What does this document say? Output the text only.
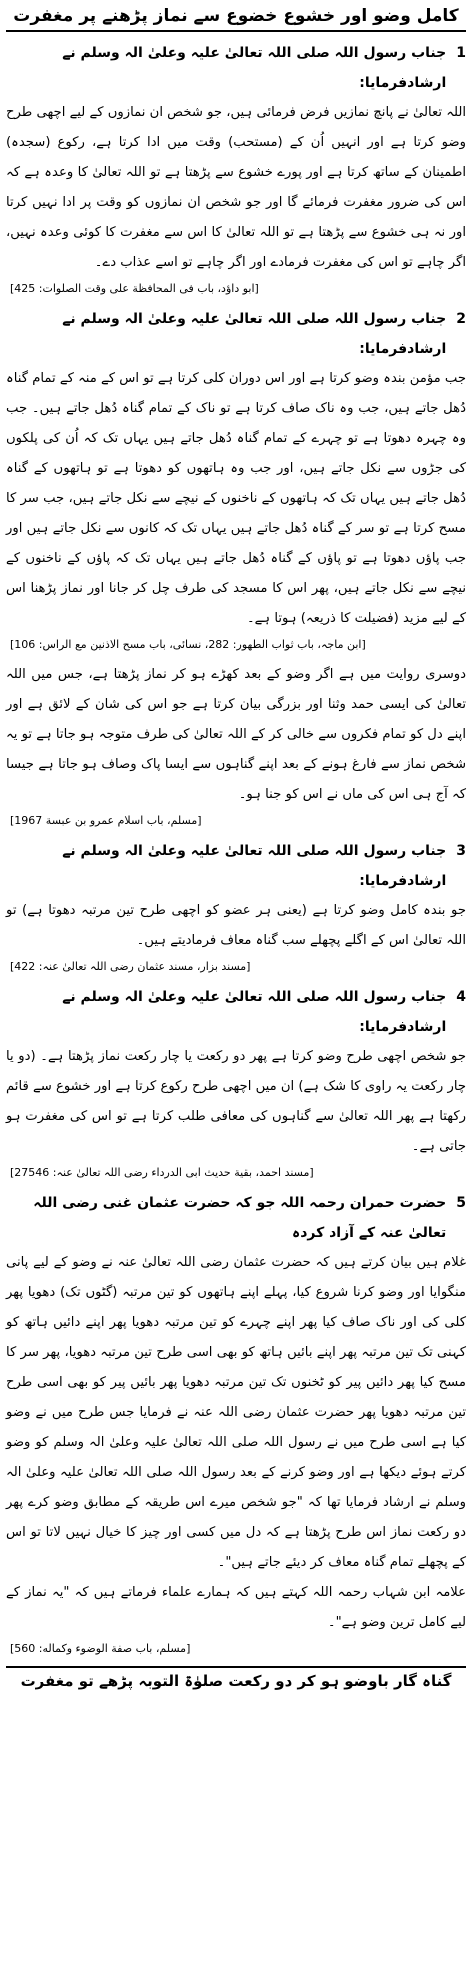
کامل وضو اور خشوع خضوع سے نماز پڑھنے پر مغفرت
1
جناب رسول اللہ صلی اللہ تعالیٰ علیہ وعلیٰ الہ وسلم نے ارشادفرمایا:

اللہ تعالیٰ نے پانچ نمازیں فرض فرمائی ہیں، جو شخص ان نمازوں کے لیے اچھی طرح وضو کرتا ہے اور انہیں اُن کے (مستحب) وقت میں ادا کرتا ہے، رکوع (سجدہ) اطمینان کے ساتھ کرتا ہے اور پورے خشوع سے پڑھتا ہے تو اللہ تعالیٰ کا وعدہ ہے کہ اس کی ضرور مغفرت فرمائے گا اور جو شخص ان نمازوں کو وقت پر ادا نہیں کرتا اور نہ ہی خشوع سے پڑھتا ہے تو اللہ تعالیٰ کا اس سے مغفرت کا کوئی وعدہ نہیں، اگر چاہے تو اس کی مغفرت فرمادے اور اگر چاہے تو اسے عذاب دے۔

[ابو داؤد، باب فی المحافظة علی وقت الصلوات: 425]
2
جناب رسول اللہ صلی اللہ تعالیٰ علیہ وعلیٰ الہ وسلم نے ارشادفرمایا:

جب مؤمن بندہ وضو کرتا ہے اور اس دوران کلی کرتا ہے تو اس کے منہ کے تمام گناہ دُھل جاتے ہیں، جب وہ ناک صاف کرتا ہے تو ناک کے تمام گناہ دُھل جاتے ہیں۔ جب وہ چہرہ دھوتا ہے تو چہرے کے تمام گناہ دُھل جاتے ہیں یہاں تک کہ اُن کی پلکوں کی جڑوں سے نکل جاتے ہیں، اور جب وہ ہاتھوں کو دھوتا ہے تو ہاتھوں کے گناہ دُھل جاتے ہیں یہاں تک کہ ہاتھوں کے ناخنوں کے نیچے سے نکل جاتے ہیں، جب سر کا مسح کرتا ہے تو سر کے گناہ دُھل جاتے ہیں یہاں تک کہ کانوں سے نکل جاتے ہیں اور جب پاؤں دھوتا ہے تو پاؤں کے گناہ دُھل جاتے ہیں یہاں تک کہ پاؤں کے ناخنوں کے نیچے سے نکل جاتے ہیں، پھر اس کا مسجد کی طرف چل کر جانا اور نماز پڑھنا اس کے لیے مزید (فضیلت کا ذریعہ) ہوتا ہے۔

[ابن ماجہ، باب ثواب الطهور: 282، نسائی، باب مسح الاذنین مع الراس: 106]

دوسری روایت میں ہے اگر وضو کے بعد کھڑے ہو کر نماز پڑھتا ہے، جس میں اللہ تعالیٰ کی ایسی حمد وثنا اور بزرگی بیان کرتا ہے جو اس کی شان کے لائق ہے اور اپنے دل کو تمام فکروں سے خالی کر کے اللہ تعالیٰ کی طرف متوجہ ہو جاتا ہے تو یہ شخص نماز سے فارغ ہونے کے بعد اپنے گناہوں سے ایسا پاک وصاف ہو جاتا ہے جیسا کہ آج ہی اس کی ماں نے اس کو جنا ہو۔

[مسلم، باب اسلام عمرو بن عبسة 1967]
3
جناب رسول اللہ صلی اللہ تعالیٰ علیہ وعلیٰ الہ وسلم نے ارشادفرمایا:

جو بندہ کامل وضو کرتا ہے (یعنی ہر عضو کو اچھی طرح تین مرتبہ دھوتا ہے) تو اللہ تعالیٰ اس کے اگلے پچھلے سب گناہ معاف فرمادیتے ہیں۔

[مسند بزار، مسند عثمان رضی اللہ تعالیٰ عنہ: 422]
4
جناب رسول اللہ صلی اللہ تعالیٰ علیہ وعلیٰ الہ وسلم نے ارشادفرمایا:

جو شخص اچھی طرح وضو کرتا ہے پھر دو رکعت یا چار رکعت نماز پڑھتا ہے۔ (دو یا چار رکعت یہ راوی کا شک ہے) ان میں اچھی طرح رکوع کرتا ہے اور خشوع سے قائم رکھتا ہے پھر اللہ تعالیٰ سے گناہوں کی معافی طلب کرتا ہے تو اس کی مغفرت ہو جاتی ہے۔

[مسند احمد، بقیة حدیث ابی الدرداء رضی اللہ تعالیٰ عنہ: 27546]
5
حضرت حمران رحمہ اللہ جو کہ حضرت عثمان غنی رضی اللہ تعالیٰ عنہ کے آزاد کردہ

غلام ہیں بیان کرتے ہیں کہ حضرت عثمان رضی اللہ تعالیٰ عنہ نے وضو کے لیے پانی منگوایا اور وضو کرنا شروع کیا، پہلے اپنے ہاتھوں کو تین مرتبہ (گٹوں تک) دھویا پھر کلی کی اور ناک صاف کیا پھر اپنے چہرے کو تین مرتبہ دھویا پھر اپنے دائیں ہاتھ کو کہنی تک تین مرتبہ پھر اپنے بائیں ہاتھ کو بھی اسی طرح تین مرتبہ دھویا، پھر سر کا مسح کیا پھر دائیں پیر کو ٹخنوں تک تین مرتبہ دھویا پھر بائیں پیر کو بھی اسی طرح تین مرتبہ دھویا پھر حضرت عثمان رضی اللہ عنہ نے فرمایا جس طرح میں نے وضو کیا ہے اسی طرح میں نے رسول اللہ صلی اللہ تعالیٰ علیہ وعلیٰ الہ وسلم کو وضو کرتے ہوئے دیکھا ہے اور وضو کرنے کے بعد رسول اللہ صلی اللہ تعالیٰ علیہ وعلیٰ الہ وسلم نے ارشاد فرمایا تھا کہ "جو شخص میرے اس طریقہ کے مطابق وضو کرے پھر دو رکعت نماز اس طرح پڑھتا ہے کہ دل میں کسی اور چیز کا خیال نہیں لاتا تو اس کے پچھلے تمام گناہ معاف کر دیئے جاتے ہیں"۔

علامہ ابن شہاب رحمہ اللہ کہتے ہیں کہ ہمارے علماء فرماتے ہیں کہ "یہ نماز کے لیے کامل ترین وضو ہے"۔

[مسلم، باب صفة الوضوء وكماله: 560]
گناہ گار باوضو ہو کر دو رکعت صلوٰۃ التوبہ پڑھے تو مغفرت
